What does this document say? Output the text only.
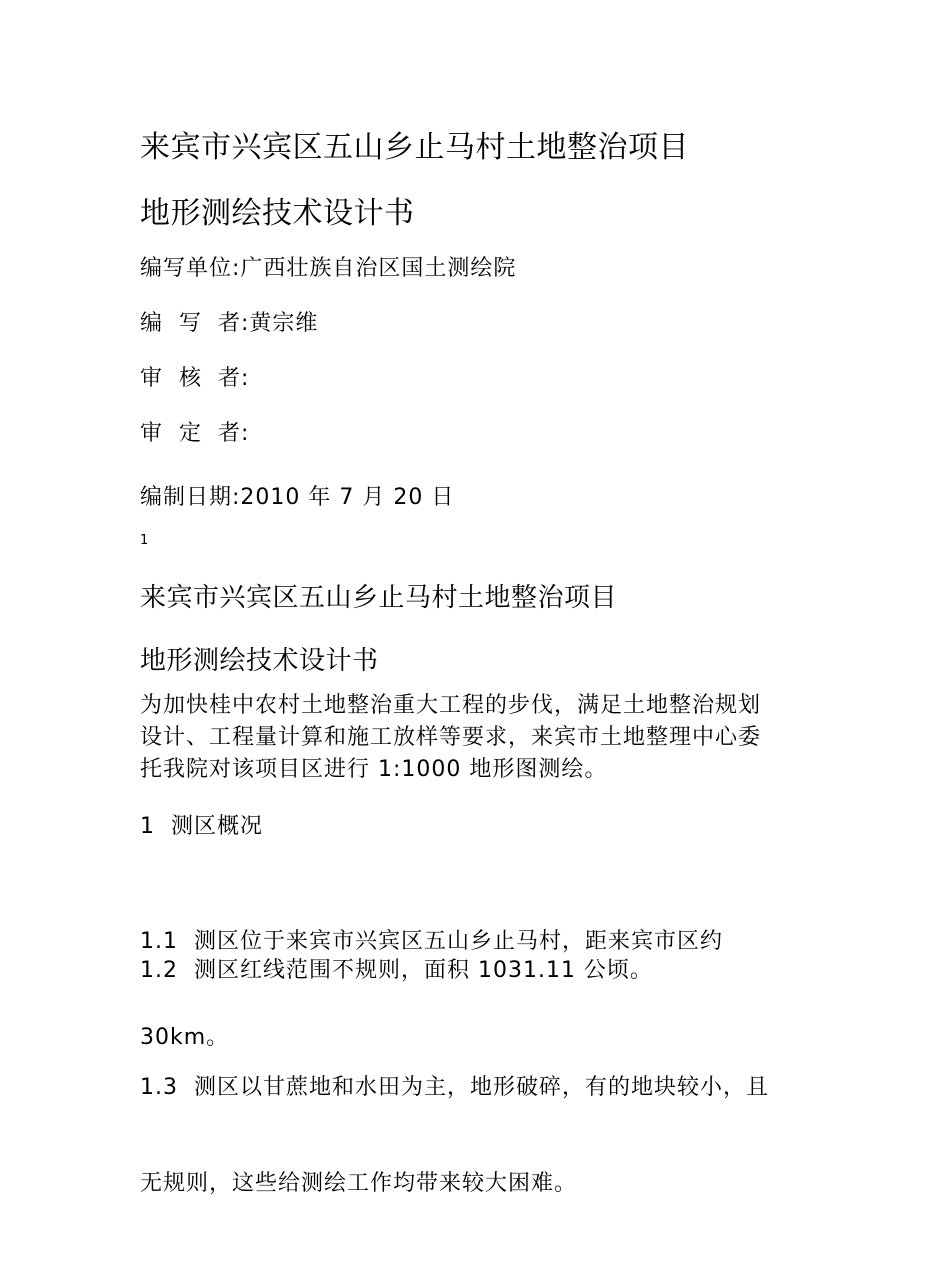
来宾市兴宾区五山乡止马村土地整治项目
地形测绘技术设计书
编写单位:广西壮族自治区国土测绘院
编  写  者:黄宗维
审  核  者:
审  定  者:
编制日期:2010 年 7 月 20 日
1
来宾市兴宾区五山乡止马村土地整治项目
地形测绘技术设计书
为加快桂中农村土地整治重大工程的步伐，满足土地整治规划
设计、工程量计算和施工放样等要求，来宾市土地整理中心委
托我院对该项目区进行 1:1000 地形图测绘。
1  测区概况

1.1  测区位于来宾市兴宾区五山乡止马村，距来宾市区约

30km。

1.2  测区红线范围不规则，面积 1031.11 公顷。

1.3  测区以甘蔗地和水田为主，地形破碎，有的地块较小，且

无规则，这些给测绘工作均带来较大困难。
